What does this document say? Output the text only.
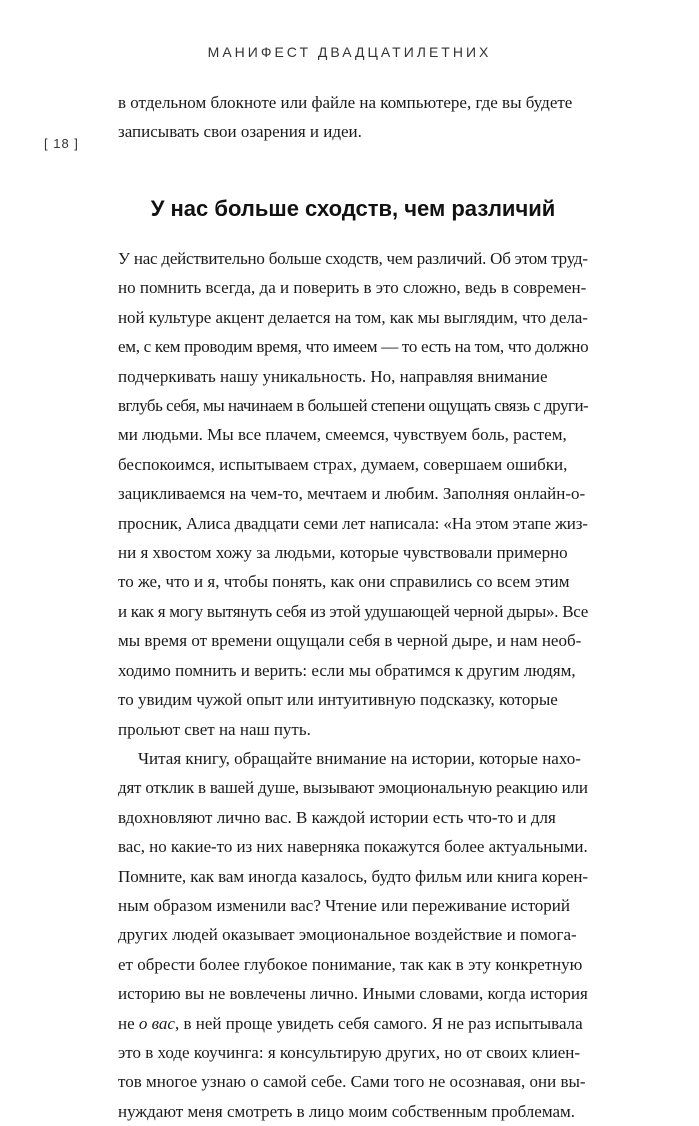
МАНИФЕСТ ДВАДЦАТИЛЕТНИХ
[ 18 ]
в отдельном блокноте или файле на компьютере, где вы будете
записывать свои озарения и идеи.
У нас больше сходств, чем различий
У нас действительно больше сходств, чем различий. Об этом труд-
но помнить всегда, да и поверить в это сложно, ведь в современ-
ной культуре акцент делается на том, как мы выглядим, что дела-
ем, с кем проводим время, что имеем — то есть на том, что должно
подчеркивать нашу уникальность. Но, направляя внимание
вглубь себя, мы начинаем в большей степени ощущать связь с други-
ми людьми. Мы все плачем, смеемся, чувствуем боль, растем,
беспокоимся, испытываем страх, думаем, совершаем ошибки,
зацикливаемся на чем-то, мечтаем и любим. Заполняя онлайн-о-
просник, Алиса двадцати семи лет написала: «На этом этапе жиз-
ни я хвостом хожу за людьми, которые чувствовали примерно
то же, что и я, чтобы понять, как они справились со всем этим
и как я могу вытянуть себя из этой удушающей черной дыры». Все
мы время от времени ощущали себя в черной дыре, и нам необ-
ходимо помнить и верить: если мы обратимся к другим людям,
то увидим чужой опыт или интуитивную подсказку, которые
прольют свет на наш путь.
Читая книгу, обращайте внимание на истории, которые нахо-
дят отклик в вашей душе, вызывают эмоциональную реакцию или
вдохновляют лично вас. В каждой истории есть что-то и для
вас, но какие-то из них наверняка покажутся более актуальными.
Помните, как вам иногда казалось, будто фильм или книга корен-
ным образом изменили вас? Чтение или переживание историй
других людей оказывает эмоциональное воздействие и помога-
ет обрести более глубокое понимание, так как в эту конкретную
историю вы не вовлечены лично. Иными словами, когда история
не о вас, в ней проще увидеть себя самого. Я не раз испытывала
это в ходе коучинга: я консультирую других, но от своих клиен-
тов многое узнаю о самой себе. Сами того не осознавая, они вы-
нуждают меня смотреть в лицо моим собственным проблемам.
